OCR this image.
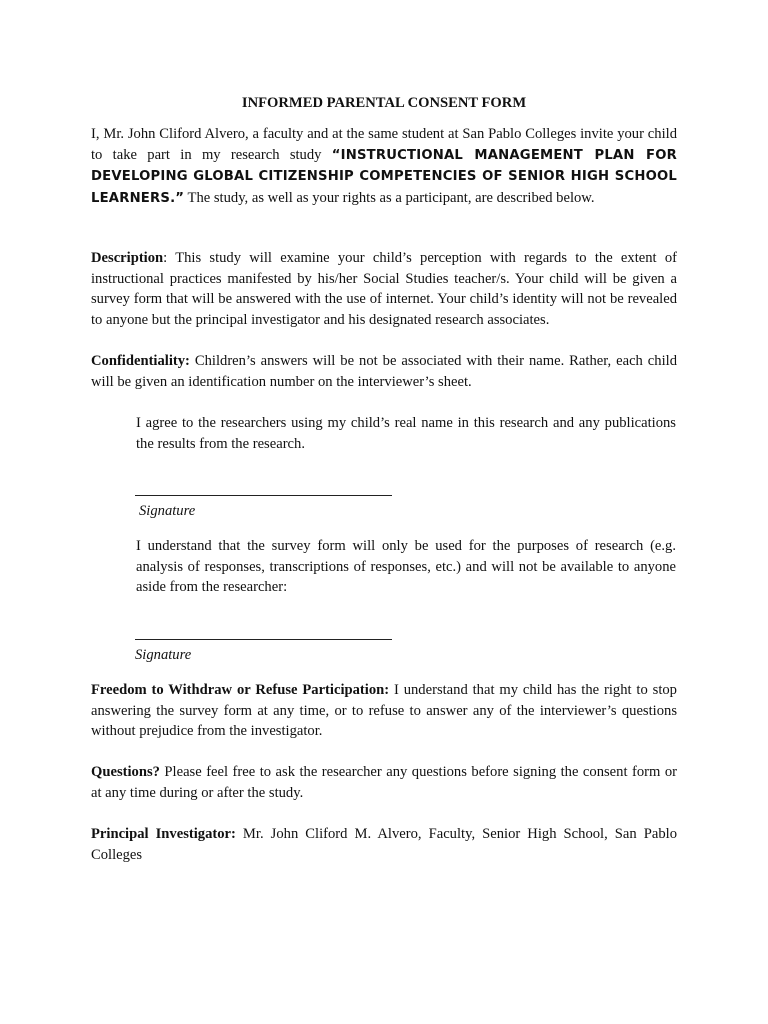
INFORMED PARENTAL CONSENT FORM

I, Mr. John Cliford Alvero, a faculty and at the same student at San Pablo Colleges invite your child to take part in my research study “INSTRUCTIONAL MANAGEMENT PLAN FOR DEVELOPING GLOBAL CITIZENSHIP COMPETENCIES OF SENIOR HIGH SCHOOL LEARNERS.” The study, as well as your rights as a participant, are described below.

Description: This study will examine your child’s perception with regards to the extent of instructional practices manifested by his/her Social Studies teacher/s. Your child will be given a survey form that will be answered with the use of internet. Your child’s identity will not be revealed to anyone but the principal investigator and his designated research associates.

Confidentiality: Children’s answers will be not be associated with their name. Rather, each child will be given an identification number on the interviewer’s sheet.

I agree to the researchers using my child’s real name in this research and any publications the results from the research.

Signature

I understand that the survey form will only be used for the purposes of research (e.g. analysis of responses, transcriptions of responses, etc.) and will not be available to anyone aside from the researcher:

Signature

Freedom to Withdraw or Refuse Participation: I understand that my child has the right to stop answering the survey form at any time, or to refuse to answer any of the interviewer’s questions without prejudice from the investigator.

Questions? Please feel free to ask the researcher any questions before signing the consent form or at any time during or after the study.

Principal Investigator: Mr. John Cliford M. Alvero, Faculty, Senior High School, San Pablo Colleges
